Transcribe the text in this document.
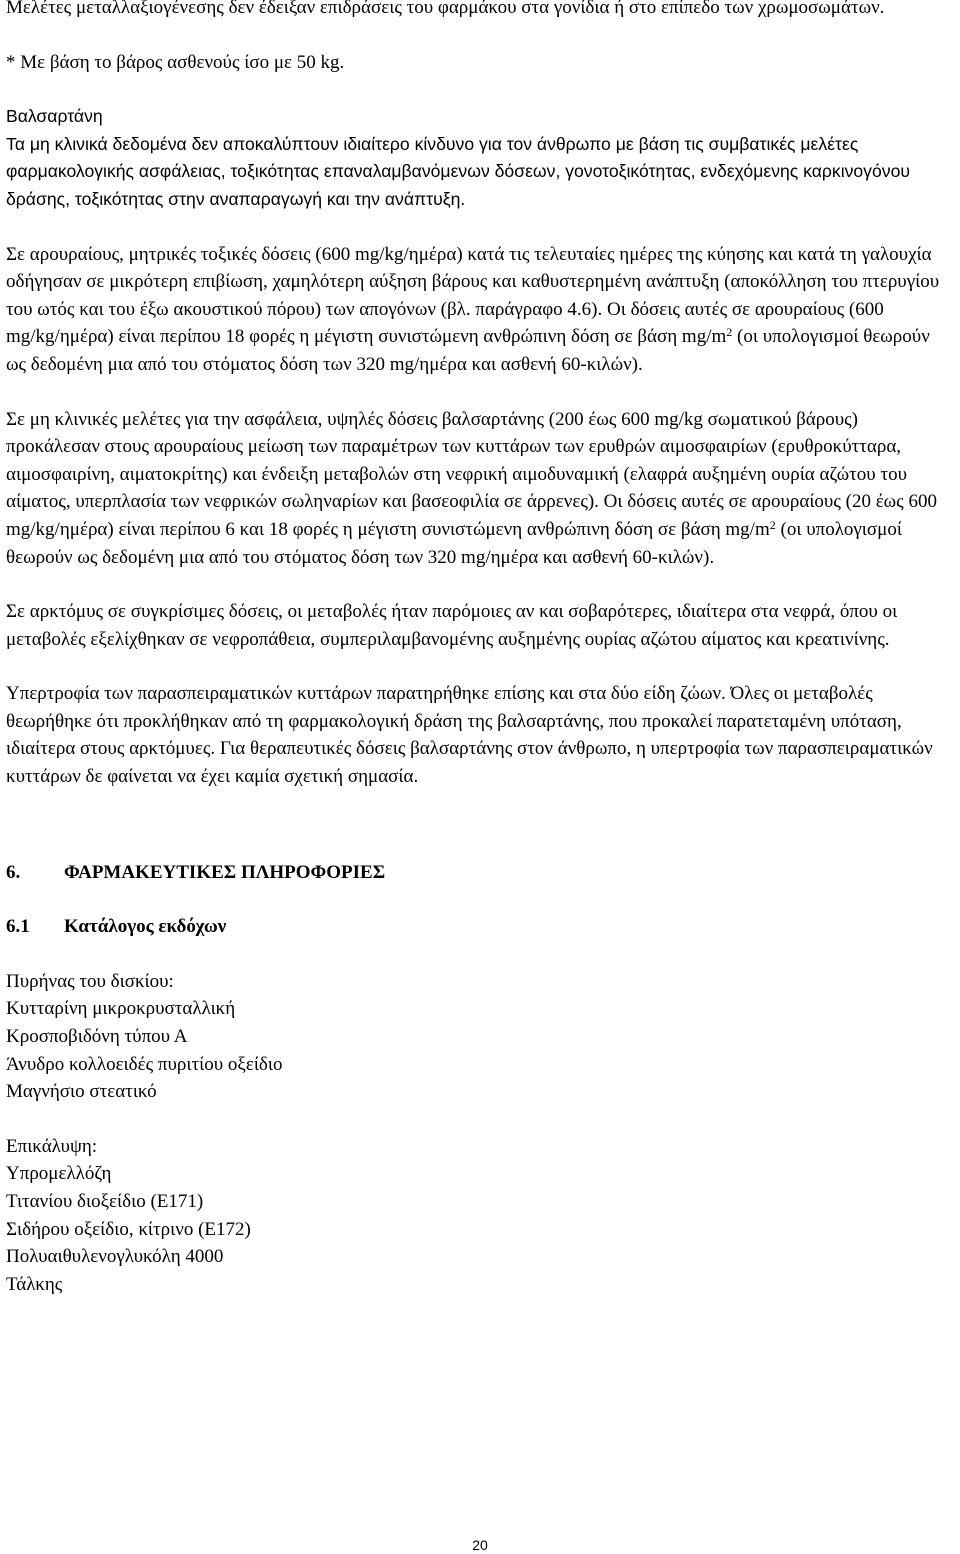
Μελέτες μεταλλαξιογένεσης δεν έδειξαν επιδράσεις του φαρμάκου στα γονίδια ή στο επίπεδο των χρωμοσωμάτων.

* Με βάση το βάρος ασθενούς ίσο με 50 kg.

Βαλσαρτάνη

Τα μη κλινικά δεδομένα δεν αποκαλύπτουν ιδιαίτερο κίνδυνο για τον άνθρωπο με βάση τις συμβατικές μελέτες φαρμακολογικής ασφάλειας, τοξικότητας επαναλαμβανόμενων δόσεων, γονοτοξικότητας, ενδεχόμενης καρκινογόνου δράσης, τοξικότητας στην αναπαραγωγή και την ανάπτυξη.

Σε αρουραίους, μητρικές τοξικές δόσεις (600 mg/kg/ημέρα) κατά τις τελευταίες ημέρες της κύησης και κατά τη γαλουχία οδήγησαν σε μικρότερη επιβίωση, χαμηλότερη αύξηση βάρους και καθυστερημένη ανάπτυξη (αποκόλληση του πτερυγίου του ωτός και του έξω ακουστικού πόρου) των απογόνων (βλ. παράγραφο 4.6). Οι δόσεις αυτές σε αρουραίους (600 mg/kg/ημέρα) είναι περίπου 18 φορές η μέγιστη συνιστώμενη ανθρώπινη δόση σε βάση $mg/m^2$ (οι υπολογισμοί θεωρούν ως δεδομένη μια από του στόματος δόση των 320 mg/ημέρα και ασθενή 60-κιλών).

Σε μη κλινικές μελέτες για την ασφάλεια, υψηλές δόσεις βαλσαρτάνης (200 έως 600 mg/kg σωματικού βάρους) προκάλεσαν στους αρουραίους μείωση των παραμέτρων των κυττάρων των ερυθρών αιμοσφαιρίων (ερυθροκύτταρα, αιμοσφαιρίνη, αιματοκρίτης) και ένδειξη μεταβολών στη νεφρική αιμοδυναμική (ελαφρά αυξημένη ουρία αζώτου του αίματος, υπερπλασία των νεφρικών σωληναρίων και βασεοφιλία σε άρρενες). Οι δόσεις αυτές σε αρουραίους (20 έως 600 mg/kg/ημέρα) είναι περίπου 6 και 18 φορές η μέγιστη συνιστώμενη ανθρώπινη δόση σε βάση $mg/m^2$ (οι υπολογισμοί θεωρούν ως δεδομένη μια από του στόματος δόση των 320 mg/ημέρα και ασθενή 60-κιλών).

Σε αρκτόμυς σε συγκρίσιμες δόσεις, οι μεταβολές ήταν παρόμοιες αν και σοβαρότερες, ιδιαίτερα στα νεφρά, όπου οι μεταβολές εξελίχθηκαν σε νεφροπάθεια, συμπεριλαμβανομένης αυξημένης ουρίας αζώτου αίματος και κρεατινίνης.

Υπερτροφία των παρασπειραματικών κυττάρων παρατηρήθηκε επίσης και στα δύο είδη ζώων. Όλες οι μεταβολές θεωρήθηκε ότι προκλήθηκαν από τη φαρμακολογική δράση της βαλσαρτάνης, που προκαλεί παρατεταμένη υπόταση, ιδιαίτερα στους αρκτόμυες. Για θεραπευτικές δόσεις βαλσαρτάνης στον άνθρωπο, η υπερτροφία των παρασπειραματικών κυττάρων δε φαίνεται να έχει καμία σχετική σημασία.

6.	ΦΑΡΜΑΚΕΥΤΙΚΕΣ ΠΛΗΡΟΦΟΡΙΕΣ

6.1	Κατάλογος εκδόχων

Πυρήνας του δισκίου:
Κυτταρίνη μικροκρυσταλλική
Κροσποβιδόνη τύπου Α
Άνυδρο κολλοειδές πυριτίου οξείδιο
Μαγνήσιο στεατικό
Επικάλυψη:
Υπρομελλόζη
Τιτανίου διοξείδιο (E171)
Σιδήρου οξείδιο, κίτρινο (E172)
Πολυαιθυλενογλυκόλη 4000
Τάλκης
20
